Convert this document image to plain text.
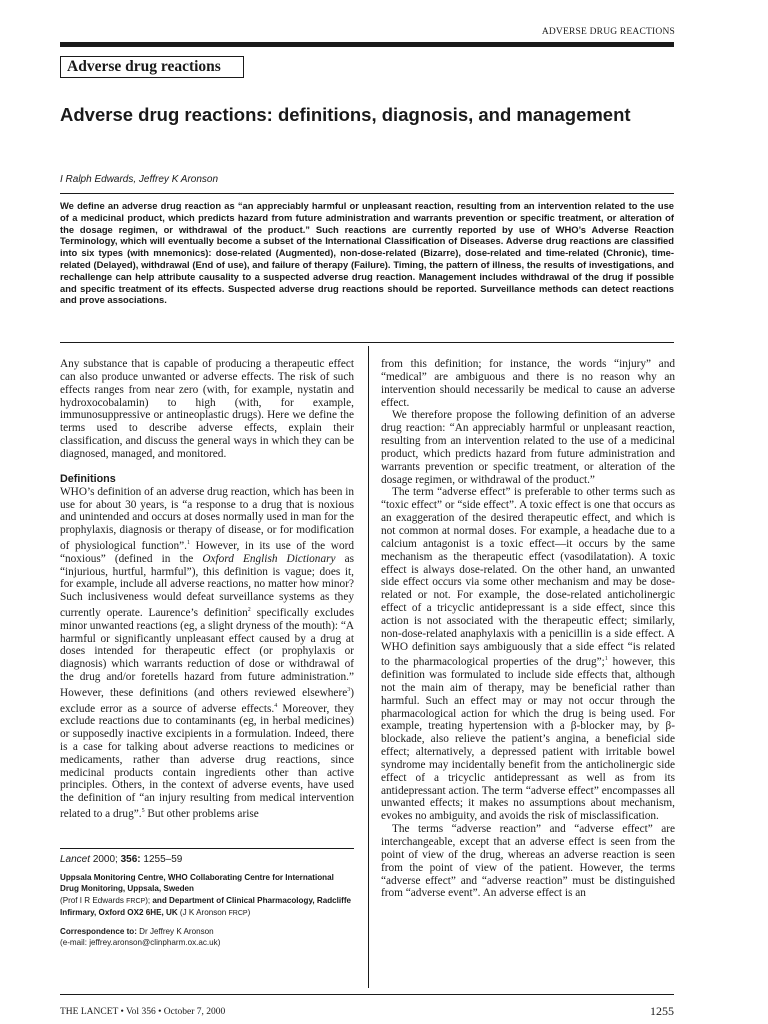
ADVERSE DRUG REACTIONS
Adverse drug reactions
Adverse drug reactions: definitions, diagnosis, and management
I Ralph Edwards, Jeffrey K Aronson
We define an adverse drug reaction as “an appreciably harmful or unpleasant reaction, resulting from an intervention related to the use of a medicinal product, which predicts hazard from future administration and warrants prevention or specific treatment, or alteration of the dosage regimen, or withdrawal of the product.” Such reactions are currently reported by use of WHO’s Adverse Reaction Terminology, which will eventually become a subset of the International Classification of Diseases. Adverse drug reactions are classified into six types (with mnemonics): dose-related (Augmented), non-dose-related (Bizarre), dose-related and time-related (Chronic), time-related (Delayed), withdrawal (End of use), and failure of therapy (Failure). Timing, the pattern of illness, the results of investigations, and rechallenge can help attribute causality to a suspected adverse drug reaction. Management includes withdrawal of the drug if possible and specific treatment of its effects. Suspected adverse drug reactions should be reported. Surveillance methods can detect reactions and prove associations.

Any substance that is capable of producing a therapeutic effect can also produce unwanted or adverse effects. The risk of such effects ranges from near zero (with, for example, nystatin and hydroxocobalamin) to high (with, for example, immunosuppressive or antineoplastic drugs). Here we define the terms used to describe adverse effects, explain their classification, and discuss the general ways in which they can be diagnosed, managed, and monitored.

Definitions

WHO’s definition of an adverse drug reaction, which has been in use for about 30 years, is “a response to a drug that is noxious and unintended and occurs at doses normally used in man for the prophylaxis, diagnosis or therapy of disease, or for modification of physiological function”.$^1$ However, in its use of the word “noxious” (defined in the Oxford English Dictionary as “injurious, hurtful, harmful”), this definition is vague; does it, for example, include all adverse reactions, no matter how minor? Such inclusiveness would defeat surveillance systems as they currently operate. Laurence’s definition$^2$ specifically excludes minor unwanted reactions (eg, a slight dryness of the mouth): “A harmful or significantly unpleasant effect caused by a drug at doses intended for therapeutic effect (or prophylaxis or diagnosis) which warrants reduction of dose or withdrawal of the drug and/or foretells hazard from future administration.” However, these definitions (and others reviewed elsewhere$^3$) exclude error as a source of adverse effects.$^4$ Moreover, they exclude reactions due to contaminants (eg, in herbal medicines) or supposedly inactive excipients in a formulation. Indeed, there is a case for talking about adverse reactions to medicines or medicaments, rather than adverse drug reactions, since medicinal products contain ingredients other than active principles. Others, in the context of adverse events, have used the definition of “an injury resulting from medical intervention related to a drug”.$^5$ But other problems arise

from this definition; for instance, the words “injury” and “medical” are ambiguous and there is no reason why an intervention should necessarily be medical to cause an adverse effect.

We therefore propose the following definition of an adverse drug reaction: “An appreciably harmful or unpleasant reaction, resulting from an intervention related to the use of a medicinal product, which predicts hazard from future administration and warrants prevention or specific treatment, or alteration of the dosage regimen, or withdrawal of the product.”

The term “adverse effect” is preferable to other terms such as “toxic effect” or “side effect”. A toxic effect is one that occurs as an exaggeration of the desired therapeutic effect, and which is not common at normal doses. For example, a headache due to a calcium antagonist is a toxic effect—it occurs by the same mechanism as the therapeutic effect (vasodilatation). A toxic effect is always dose-related. On the other hand, an unwanted side effect occurs via some other mechanism and may be dose-related or not. For example, the dose-related anticholinergic effect of a tricyclic antidepressant is a side effect, since this action is not associated with the therapeutic effect; similarly, non-dose-related anaphylaxis with a penicillin is a side effect. A WHO definition says ambiguously that a side effect “is related to the pharmacological properties of the drug”;$^1$ however, this definition was formulated to include side effects that, although not the main aim of therapy, may be beneficial rather than harmful. Such an effect may or may not occur through the pharmacological action for which the drug is being used. For example, treating hypertension with a β-blocker may, by β-blockade, also relieve the patient’s angina, a beneficial side effect; alternatively, a depressed patient with irritable bowel syndrome may incidentally benefit from the anticholinergic side effect of a tricyclic antidepressant as well as from its antidepressant action. The term “adverse effect” encompasses all unwanted effects; it makes no assumptions about mechanism, evokes no ambiguity, and avoids the risk of misclassification.

The terms “adverse reaction” and “adverse effect” are interchangeable, except that an adverse effect is seen from the point of view of the drug, whereas an adverse reaction is seen from the point of view of the patient. However, the terms “adverse effect” and “adverse reaction” must be distinguished from “adverse event”. An adverse effect is an

Lancet 2000; 356: 1255–59
Uppsala Monitoring Centre, WHO Collaborating Centre for International Drug Monitoring, Uppsala, Sweden
(Prof I R Edwards FRCP); and Department of Clinical Pharmacology, Radcliffe Infirmary, Oxford OX2 6HE, UK (J K Aronson FRCP)
Correspondence to: Dr Jeffrey K Aronson
(e-mail: jeffrey.aronson@clinpharm.ox.ac.uk)
THE LANCET • Vol 356 • October 7, 2000	1255
